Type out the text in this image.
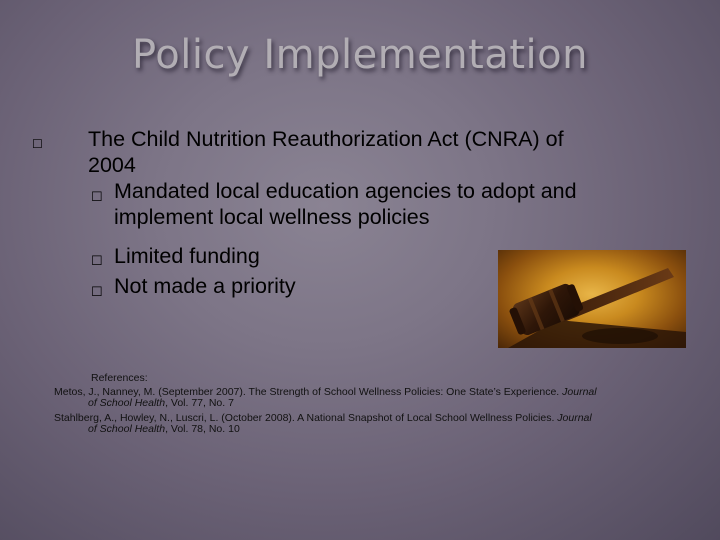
Policy Implementation
☐ The Child Nutrition Reauthorization Act (CNRA) of
2004
☐ Mandated local education agencies to adopt and
implement local wellness policies
☐ Limited funding
☐ Not made a priority
References:
Metos, J., Nanney, M. (September 2007). The Strength of School Wellness Policies: One State’s Experience. Journal
of School Health, Vol. 77, No. 7
Stahlberg, A., Howley, N., Luscri, L. (October 2008). A National Snapshot of Local School Wellness Policies. Journal
of School Health, Vol. 78, No. 10
